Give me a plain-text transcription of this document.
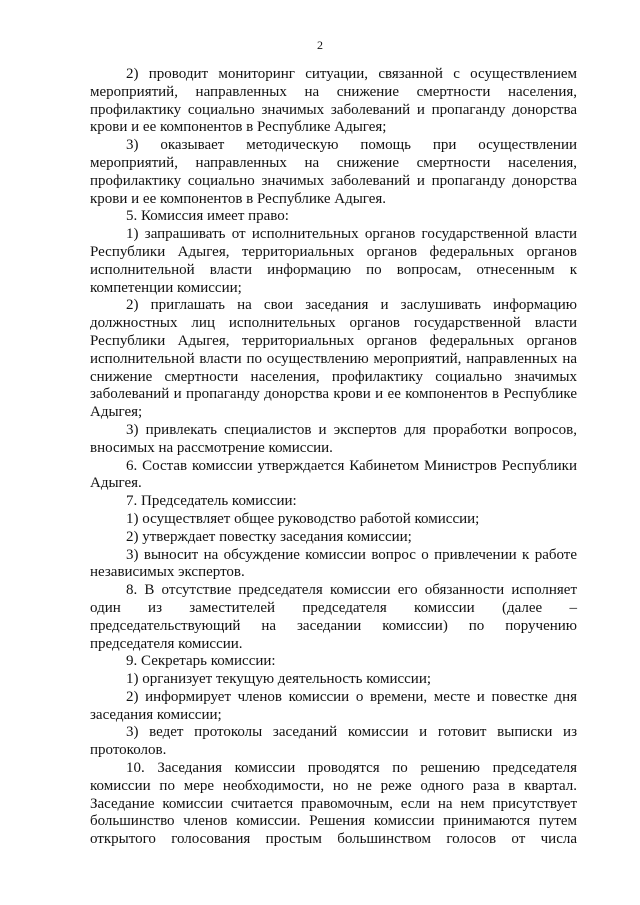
2

2) проводит мониторинг ситуации, связанной с осуществлением мероприятий, направленных на снижение смертности населения, профилактику социально значимых заболеваний и пропаганду донорства крови и ее компонентов в Республике Адыгея;

3) оказывает методическую помощь при осуществлении мероприятий, направленных на снижение смертности населения, профилактику социально значимых заболеваний и пропаганду донорства крови и ее компонентов в Республике Адыгея.

5. Комиссия имеет право:

1) запрашивать от исполнительных органов государственной власти Республики Адыгея, территориальных органов федеральных органов исполнительной власти информацию по вопросам, отнесенным к компетенции комиссии;

2) приглашать на свои заседания и заслушивать информацию должностных лиц исполнительных органов государственной власти Республики Адыгея, территориальных органов федеральных органов исполнительной власти по осуществлению мероприятий, направленных на снижение смертности населения, профилактику социально значимых заболеваний и пропаганду донорства крови и ее компонентов в Республике Адыгея;

3) привлекать специалистов и экспертов для проработки вопросов, вносимых на рассмотрение комиссии.

6. Состав комиссии утверждается Кабинетом Министров Республики Адыгея.

7. Председатель комиссии:

1) осуществляет общее руководство работой комиссии;

2) утверждает повестку заседания комиссии;

3) выносит на обсуждение комиссии вопрос о привлечении к работе независимых экспертов.

8. В отсутствие председателя комиссии его обязанности исполняет один из заместителей председателя комиссии (далее – председательствующий на заседании комиссии) по поручению председателя комиссии.

9. Секретарь комиссии:

1) организует текущую деятельность комиссии;

2) информирует членов комиссии о времени, месте и повестке дня заседания комиссии;

3) ведет протоколы заседаний комиссии и готовит выписки из протоколов.

10. Заседания комиссии проводятся по решению председателя комиссии по мере необходимости, но не реже одного раза в квартал. Заседание комиссии считается правомочным, если на нем присутствует большинство членов комиссии. Решения комиссии принимаются путем открытого голосования простым большинством голосов от числа
